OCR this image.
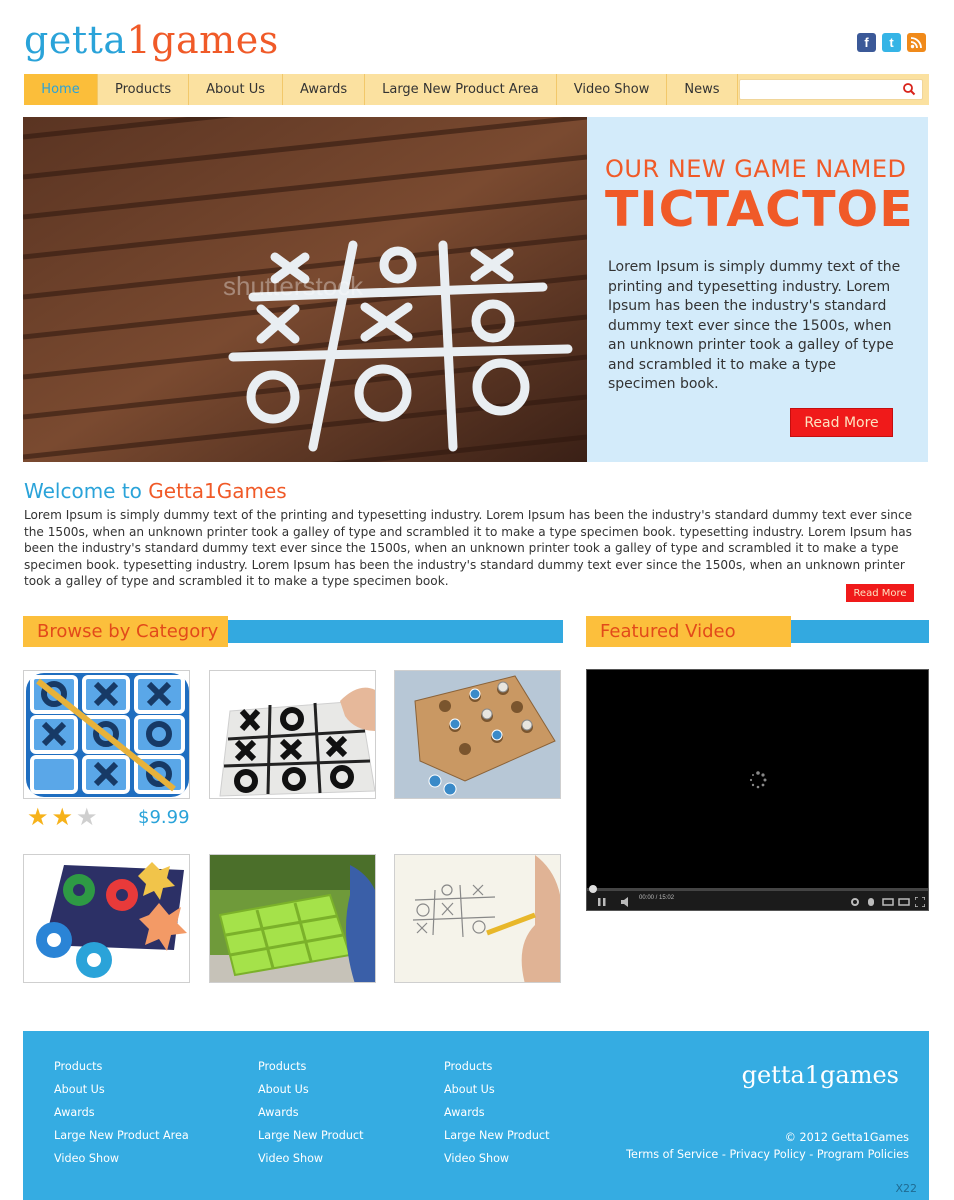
getta1games	f	t
Home	Products	About Us	Awards	Large New Product Area	Video Show	News
shutterstock
OUR NEW GAME NAMED
TICTACTOE
Lorem Ipsum is simply dummy text of the printing and typesetting industry. Lorem Ipsum has been the industry's standard dummy text ever since the 1500s, when an unknown printer took a galley of type and scrambled it to make a type specimen book.
Read More
Welcome to Getta1Games
Lorem Ipsum is simply dummy text of the printing and typesetting industry. Lorem Ipsum has been the industry's standard dummy text ever since the 1500s, when an unknown printer took a galley of type and scrambled it to make a type specimen book. typesetting industry. Lorem Ipsum has been the industry's standard dummy text ever since the 1500s, when an unknown printer took a galley of type and scrambled it to make a type specimen book. typesetting industry. Lorem Ipsum has been the industry's standard dummy text ever since the 1500s, when an unknown printer took a galley of type and scrambled it to make a type specimen book.
Read More
Browse by Category
★ ★ ★ $9.99
Featured Video
00:00 / 15:02
Products
About Us
Awards
Large New Product Area
Video Show
Products
About Us
Awards
Large New Product
Video Show
Products
About Us
Awards
Large New Product
Video Show
getta1games
© 2012 Getta1Games
Terms of Service - Privacy Policy - Program Policies
X22
